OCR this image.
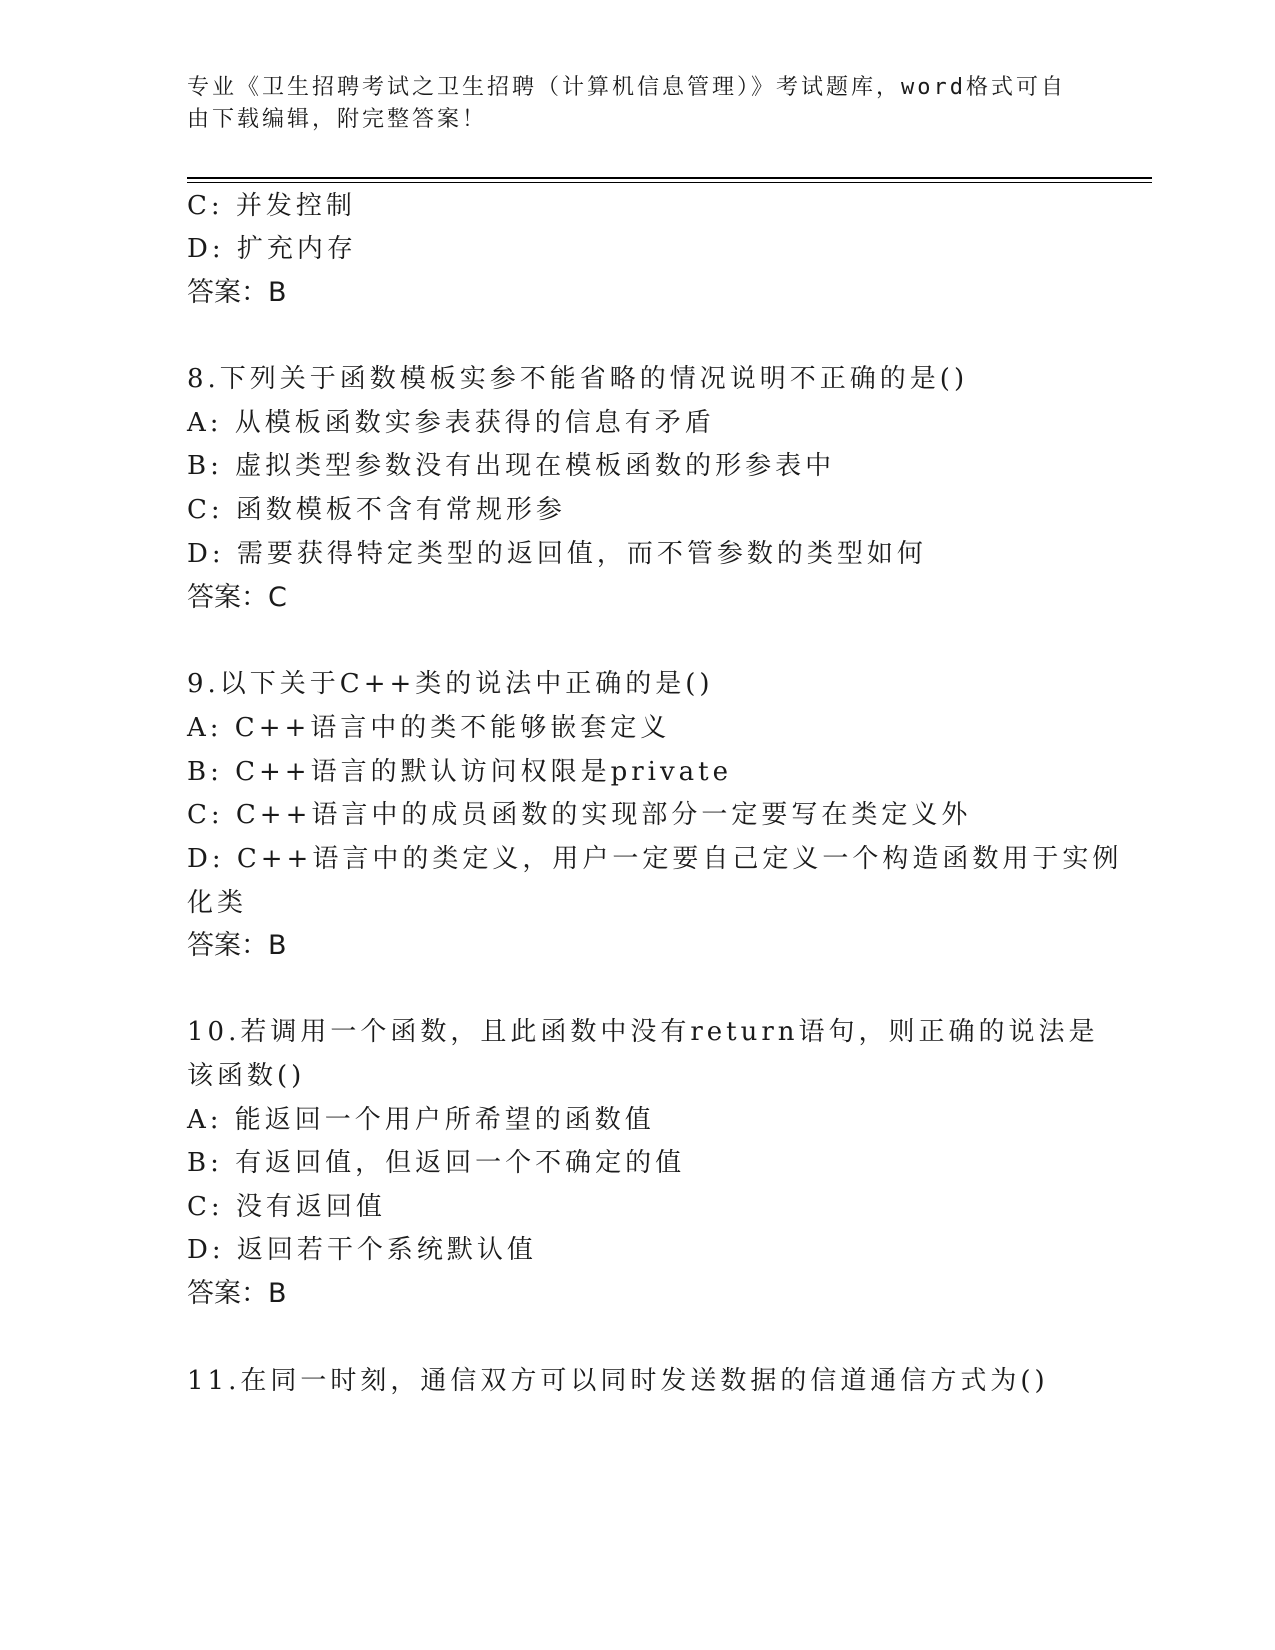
专业《卫生招聘考试之卫生招聘（计算机信息管理）》考试题库，word格式可自
由下载编辑，附完整答案！
C: 并发控制
D: 扩充内存
答案：B
8.下列关于函数模板实参不能省略的情况说明不正确的是()
A: 从模板函数实参表获得的信息有矛盾
B: 虚拟类型参数没有出现在模板函数的形参表中
C: 函数模板不含有常规形参
D: 需要获得特定类型的返回值，而不管参数的类型如何
答案：C
9.以下关于C++类的说法中正确的是()
A: C++语言中的类不能够嵌套定义
B: C++语言的默认访问权限是private
C: C++语言中的成员函数的实现部分一定要写在类定义外
D: C++语言中的类定义，用户一定要自己定义一个构造函数用于实例
化类
答案：B
10.若调用一个函数，且此函数中没有return语句，则正确的说法是
该函数()
A: 能返回一个用户所希望的函数值
B: 有返回值，但返回一个不确定的值
C: 没有返回值
D: 返回若干个系统默认值
答案：B
11.在同一时刻，通信双方可以同时发送数据的信道通信方式为()
